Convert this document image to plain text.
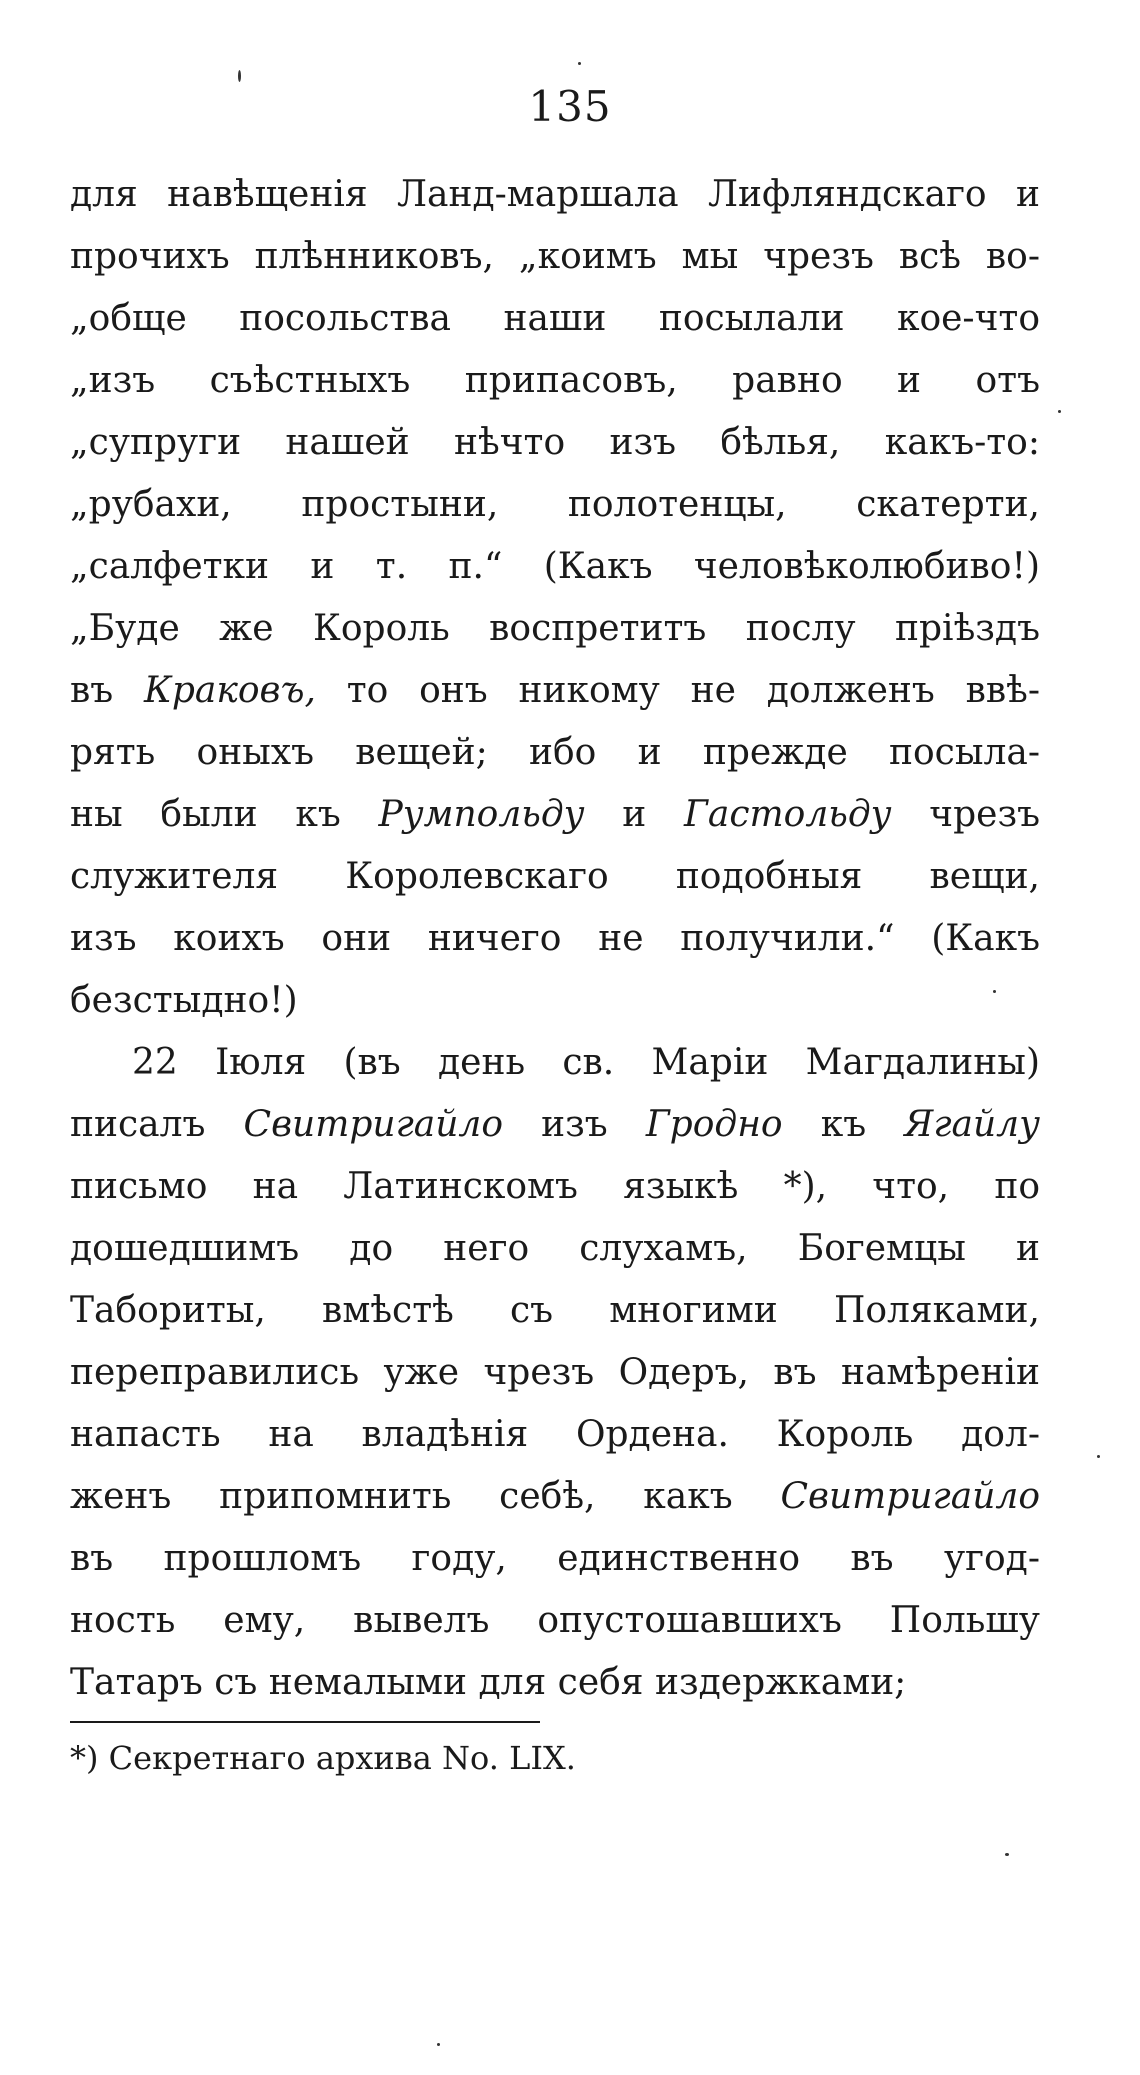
135
для навѣщенія Ланд-маршала Лифляндскаго и
прочихъ плѣнниковъ, „коимъ мы чрезъ всѣ во-
„обще посольства наши посылали кое-что
„изъ съѣстныхъ припасовъ, равно и отъ
„супруги нашей нѣчто изъ бѣлья, какъ-то:
„рубахи, простыни, полотенцы, скатерти,
„салфетки и т. п.“ (Какъ человѣколюбиво!)
„Буде же Король воспретитъ послу пріѣздъ
въ Краковъ, то онъ никому не долженъ ввѣ-
рять оныхъ вещей; ибо и прежде посыла-
ны были къ Румпольду и Гастольду чрезъ
служителя Королевскаго подобныя вещи,
изъ коихъ они ничего не получили.“ (Какъ
безстыдно!)
22 Іюля (въ день св. Маріи Магдалины)
писалъ Свитригайло изъ Гродно къ Ягайлу
письмо на Латинскомъ языкѣ *), что, по
дошедшимъ до него слухамъ, Богемцы и
Табориты, вмѣстѣ съ многими Поляками,
переправились уже чрезъ Одеръ, въ намѣреніи
напасть на владѣнія Ордена. Король дол-
женъ припомнить себѣ, какъ Свитригайло
въ прошломъ году, единственно въ угод-
ность ему, вывелъ опустошавшихъ Польшу
Татаръ съ немалыми для себя издержками;
*) Секретнаго архива No. LIX.
